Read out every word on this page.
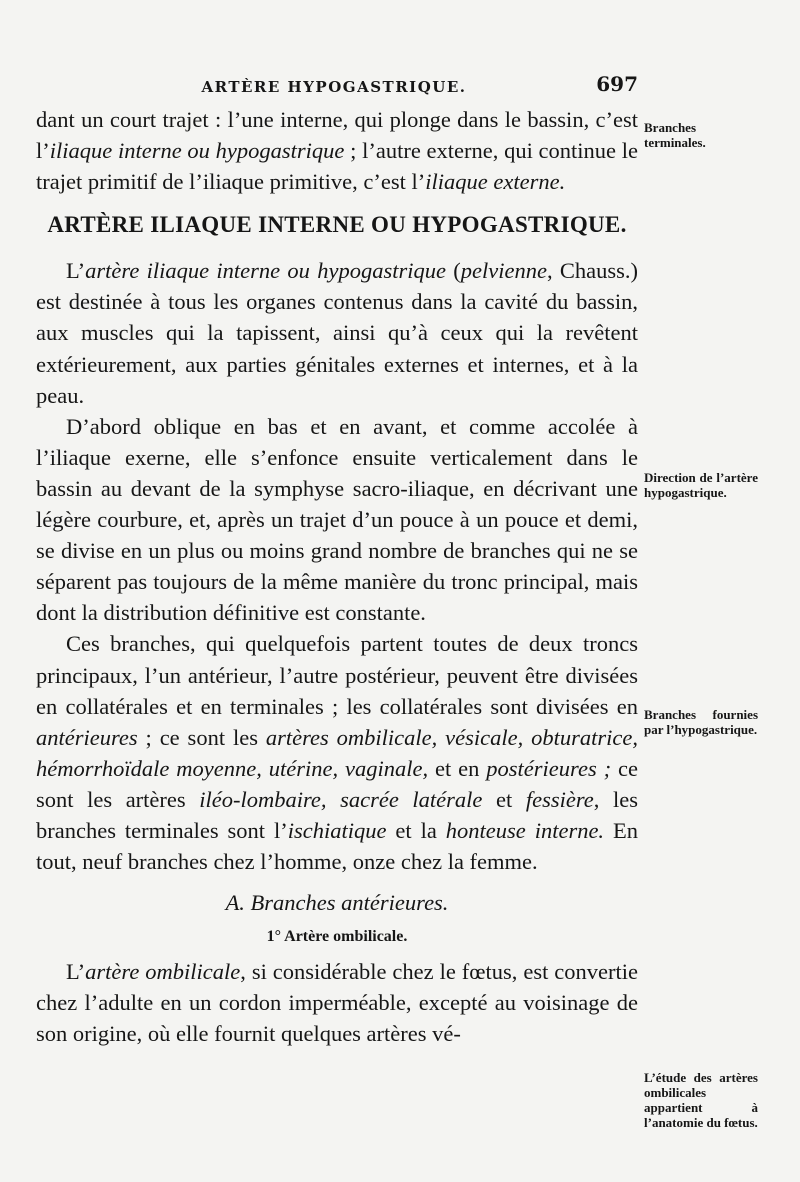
ARTÈRE HYPOGASTRIQUE.	697

dant un court trajet : l’une interne, qui plonge dans le bassin, c’est l’iliaque interne ou hypogastrique ; l’autre externe, qui continue le trajet primitif de l’iliaque primitive, c’est l’iliaque externe.

ARTÈRE ILIAQUE INTERNE OU HYPOGASTRIQUE.

L’artère iliaque interne ou hypogastrique (pelvienne, Chauss.) est destinée à tous les organes contenus dans la cavité du bassin, aux muscles qui la tapissent, ainsi qu’à ceux qui la revêtent extérieurement, aux parties génitales externes et internes, et à la peau.

D’abord oblique en bas et en avant, et comme accolée à l’iliaque exerne, elle s’enfonce ensuite verticalement dans le bassin au devant de la symphyse sacro-iliaque, en décrivant une légère courbure, et, après un trajet d’un pouce à un pouce et demi, se divise en un plus ou moins grand nombre de branches qui ne se séparent pas toujours de la même manière du tronc principal, mais dont la distribution définitive est constante.

Ces branches, qui quelquefois partent toutes de deux troncs principaux, l’un antérieur, l’autre postérieur, peuvent être divisées en collatérales et en terminales ; les collatérales sont divisées en antérieures ; ce sont les artères ombilicale, vésicale, obturatrice, hémorrhoïdale moyenne, utérine, vaginale, et en postérieures ; ce sont les artères iléo-lombaire, sacrée latérale et fessière, les branches terminales sont l’ischiatique et la honteuse interne. En tout, neuf branches chez l’homme, onze chez la femme.

A. Branches antérieures.
1° Artère ombilicale.

L’artère ombilicale, si considérable chez le fœtus, est convertie chez l’adulte en un cordon imperméable, excepté au voisinage de son origine, où elle fournit quelques artères vé-

Branches terminales.
Direction de l’artère hypogastrique.
Branches fournies par l’hypogastrique.
L’étude des artères ombilicales appartient à l’anatomie du fœtus.
